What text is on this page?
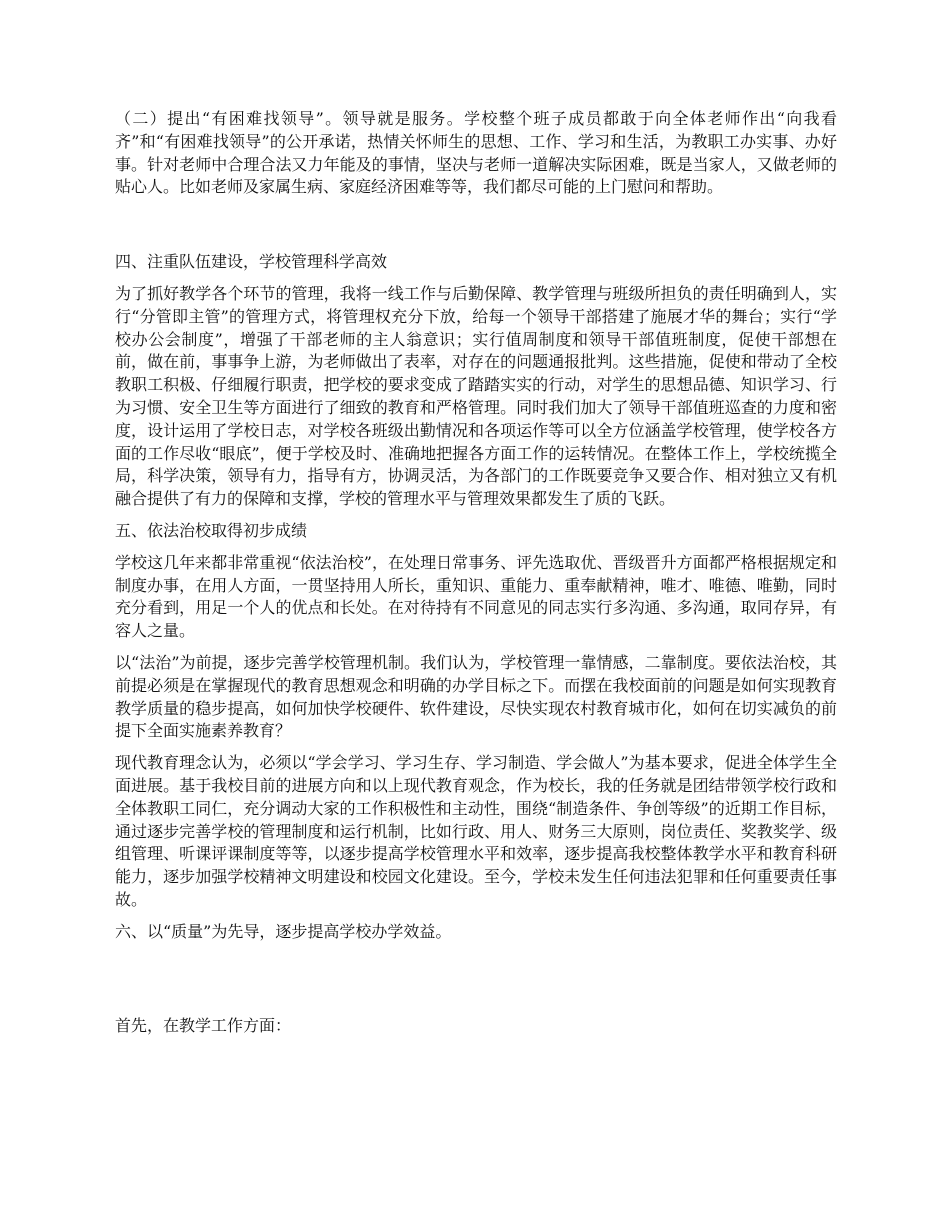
（二）提出“有困难找领导”。领导就是服务。学校整个班子成员都敢于向全体老师作出“向我看齐”和“有困难找领导”的公开承诺，热情关怀师生的思想、工作、学习和生活，为教职工办实事、办好事。针对老师中合理合法又力年能及的事情，坚决与老师一道解决实际困难，既是当家人，又做老师的贴心人。比如老师及家属生病、家庭经济困难等等，我们都尽可能的上门慰问和帮助。

四、注重队伍建设，学校管理科学高效

为了抓好教学各个环节的管理，我将一线工作与后勤保障、教学管理与班级所担负的责任明确到人，实行“分管即主管”的管理方式，将管理权充分下放，给每一个领导干部搭建了施展才华的舞台；实行“学校办公会制度”，增强了干部老师的主人翁意识；实行值周制度和领导干部值班制度，促使干部想在前，做在前，事事争上游，为老师做出了表率，对存在的问题通报批判。这些措施，促使和带动了全校教职工积极、仔细履行职责，把学校的要求变成了踏踏实实的行动，对学生的思想品德、知识学习、行为习惯、安全卫生等方面进行了细致的教育和严格管理。同时我们加大了领导干部值班巡查的力度和密度，设计运用了学校日志，对学校各班级出勤情况和各项运作等可以全方位涵盖学校管理，使学校各方面的工作尽收“眼底”，便于学校及时、准确地把握各方面工作的运转情况。在整体工作上，学校统揽全局，科学决策，领导有力，指导有方，协调灵活，为各部门的工作既要竞争又要合作、相对独立又有机融合提供了有力的保障和支撑，学校的管理水平与管理效果都发生了质的飞跃。

五、依法治校取得初步成绩

学校这几年来都非常重视“依法治校”，在处理日常事务、评先选取优、晋级晋升方面都严格根据规定和制度办事，在用人方面，一贯坚持用人所长，重知识、重能力、重奉献精神，唯才、唯德、唯勤，同时充分看到，用足一个人的优点和长处。在对待持有不同意见的同志实行多沟通、多沟通，取同存异，有容人之量。

以“法治”为前提，逐步完善学校管理机制。我们认为，学校管理一靠情感，二靠制度。要依法治校，其前提必须是在掌握现代的教育思想观念和明确的办学目标之下。而摆在我校面前的问题是如何实现教育教学质量的稳步提高，如何加快学校硬件、软件建设，尽快实现农村教育城市化，如何在切实减负的前提下全面实施素养教育？

现代教育理念认为，必须以“学会学习、学习生存、学习制造、学会做人”为基本要求，促进全体学生全面进展。基于我校目前的进展方向和以上现代教育观念，作为校长，我的任务就是团结带领学校行政和全体教职工同仁，充分调动大家的工作积极性和主动性，围绕“制造条件、争创等级”的近期工作目标，通过逐步完善学校的管理制度和运行机制，比如行政、用人、财务三大原则，岗位责任、奖教奖学、级组管理、听课评课制度等等，以逐步提高学校管理水平和效率，逐步提高我校整体教学水平和教育科研能力，逐步加强学校精神文明建设和校园文化建设。至今，学校未发生任何违法犯罪和任何重要责任事故。

六、以“质量”为先导，逐步提高学校办学效益。

首先，在教学工作方面：
